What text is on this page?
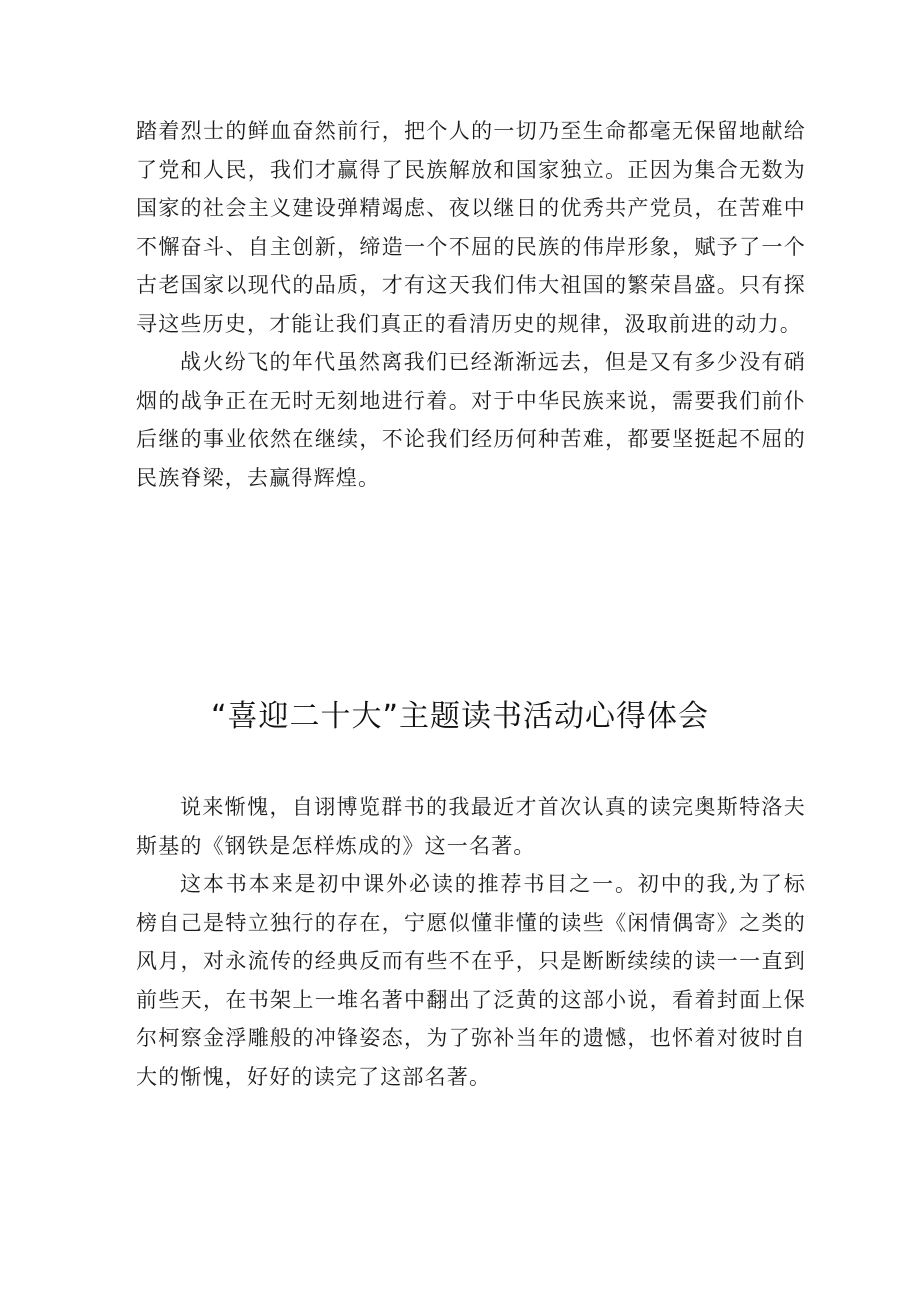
踏着烈士的鲜血奋然前行，把个人的一切乃至生命都毫无保留地献给了党和人民，我们才赢得了民族解放和国家独立。正因为集合无数为国家的社会主义建设弹精竭虑、夜以继日的优秀共产党员，在苦难中不懈奋斗、自主创新，缔造一个不屈的民族的伟岸形象，赋予了一个古老国家以现代的品质，才有这天我们伟大祖国的繁荣昌盛。只有探寻这些历史，才能让我们真正的看清历史的规律，汲取前进的动力。

战火纷飞的年代虽然离我们已经渐渐远去，但是又有多少没有硝烟的战争正在无时无刻地进行着。对于中华民族来说，需要我们前仆后继的事业依然在继续，不论我们经历何种苦难，都要坚挺起不屈的民族脊梁，去赢得辉煌。

“喜迎二十大”主题读书活动心得体会

说来惭愧，自诩博览群书的我最近才首次认真的读完奥斯特洛夫斯基的《钢铁是怎样炼成的》这一名著。

这本书本来是初中课外必读的推荐书目之一。初中的我,为了标榜自己是特立独行的存在，宁愿似懂非懂的读些《闲情偶寄》之类的风月，对永流传的经典反而有些不在乎，只是断断续续的读一一直到前些天，在书架上一堆名著中翻出了泛黄的这部小说，看着封面上保尔柯察金浮雕般的冲锋姿态，为了弥补当年的遗憾，也怀着对彼时自大的惭愧，好好的读完了这部名著。
